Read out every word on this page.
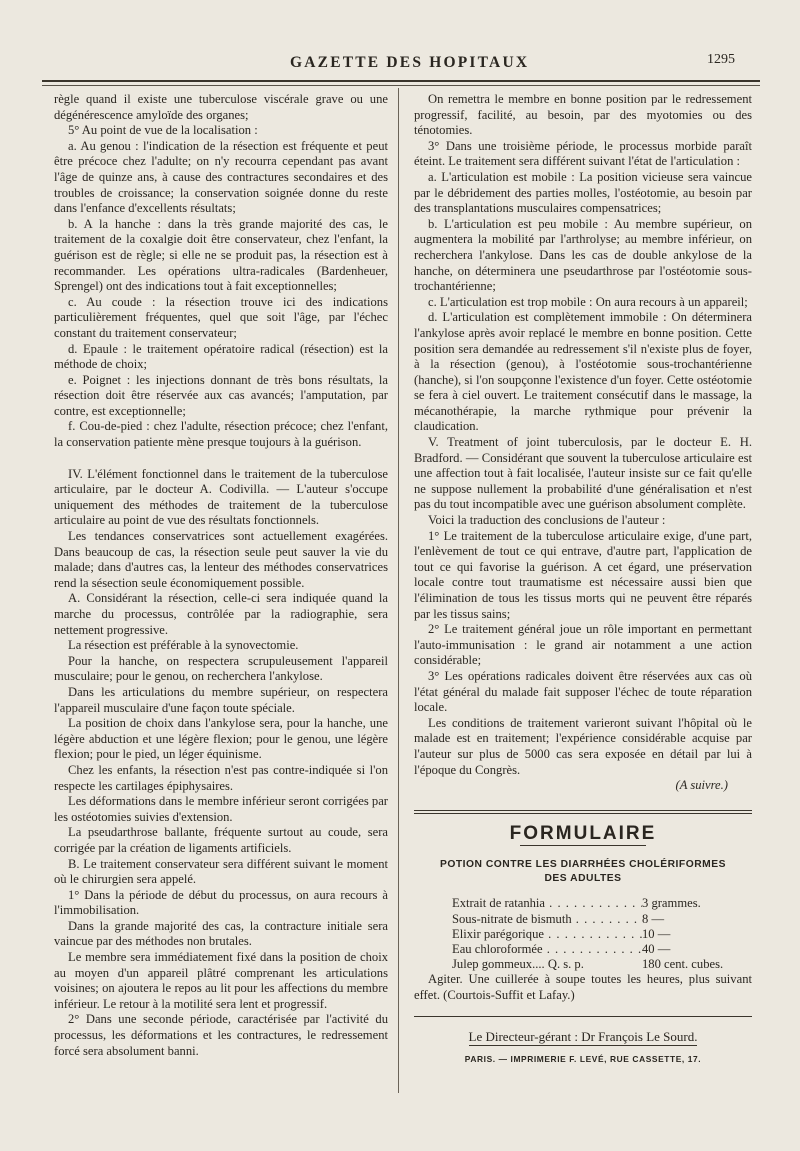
GAZETTE DES HOPITAUX	1295

règle quand il existe une tuberculose viscérale grave ou une dégénérescence amyloïde des organes;

5° Au point de vue de la localisation :

a. Au genou : l'indication de la résection est fréquente et peut être précoce chez l'adulte; on n'y recourra cependant pas avant l'âge de quinze ans, à cause des contractures secondaires et des troubles de croissance; la conservation soignée donne du reste dans l'enfance d'excellents résultats;

b. A la hanche : dans la très grande majorité des cas, le traitement de la coxalgie doit être conservateur, chez l'enfant, la guérison est de règle; si elle ne se produit pas, la résection est à recommander. Les opérations ultra-radicales (Bardenheuer, Sprengel) ont des indications tout à fait exceptionnelles;

c. Au coude : la résection trouve ici des indications particulièrement fréquentes, quel que soit l'âge, par l'échec constant du traitement conservateur;

d. Epaule : le traitement opératoire radical (résection) est la méthode de choix;

e. Poignet : les injections donnant de très bons résultats, la résection doit être réservée aux cas avancés; l'amputation, par contre, est exceptionnelle;

f. Cou-de-pied : chez l'adulte, résection précoce; chez l'enfant, la conservation patiente mène presque toujours à la guérison.

IV. L'élément fonctionnel dans le traitement de la tuberculose articulaire, par le docteur A. Codivilla. — L'auteur s'occupe uniquement des méthodes de traitement de la tuberculose articulaire au point de vue des résultats fonctionnels.

Les tendances conservatrices sont actuellement exagérées. Dans beaucoup de cas, la résection seule peut sauver la vie du malade; dans d'autres cas, la lenteur des méthodes conservatrices rend la sésection seule économiquement possible.

A. Considérant la résection, celle-ci sera indiquée quand la marche du processus, contrôlée par la radiographie, sera nettement progressive.

La résection est préférable à la synovectomie.

Pour la hanche, on respectera scrupuleusement l'appareil musculaire; pour le genou, on recherchera l'ankylose.

Dans les articulations du membre supérieur, on respectera l'appareil musculaire d'une façon toute spéciale.

La position de choix dans l'ankylose sera, pour la hanche, une légère abduction et une légère flexion; pour le genou, une légère flexion; pour le pied, un léger équinisme.

Chez les enfants, la résection n'est pas contre-indiquée si l'on respecte les cartilages épiphysaires.

Les déformations dans le membre inférieur seront corrigées par les ostéotomies suivies d'extension.

La pseudarthrose ballante, fréquente surtout au coude, sera corrigée par la création de ligaments artificiels.

B. Le traitement conservateur sera différent suivant le moment où le chirurgien sera appelé.

1° Dans la période de début du processus, on aura recours à l'immobilisation.

Dans la grande majorité des cas, la contracture initiale sera vaincue par des méthodes non brutales.

Le membre sera immédiatement fixé dans la position de choix au moyen d'un appareil plâtré comprenant les articulations voisines; on ajoutera le repos au lit pour les affections du membre inférieur. Le retour à la motilité sera lent et progressif.

2° Dans une seconde période, caractérisée par l'activité du processus, les déformations et les contractures, le redressement forcé sera absolument banni.

On remettra le membre en bonne position par le redressement progressif, facilité, au besoin, par des myotomies ou des ténotomies.

3° Dans une troisième période, le processus morbide paraît éteint. Le traitement sera différent suivant l'état de l'articulation :

a. L'articulation est mobile : La position vicieuse sera vaincue par le débridement des parties molles, l'ostéotomie, au besoin par des transplantations musculaires compensatrices;

b. L'articulation est peu mobile : Au membre supérieur, on augmentera la mobilité par l'arthrolyse; au membre inférieur, on recherchera l'ankylose. Dans les cas de double ankylose de la hanche, on déterminera une pseudarthrose par l'ostéotomie sous-trochantérienne;

c. L'articulation est trop mobile : On aura recours à un appareil;

d. L'articulation est complètement immobile : On déterminera l'ankylose après avoir replacé le membre en bonne position. Cette position sera demandée au redressement s'il n'existe plus de foyer, à la résection (genou), à l'ostéotomie sous-trochantérienne (hanche), si l'on soupçonne l'existence d'un foyer. Cette ostéotomie se fera à ciel ouvert. Le traitement consécutif dans le massage, la mécanothérapie, la marche rythmique pour prévenir la claudication.

V. Treatment of joint tuberculosis, par le docteur E. H. Bradford. — Considérant que souvent la tuberculose articulaire est une affection tout à fait localisée, l'auteur insiste sur ce fait qu'elle ne suppose nullement la probabilité d'une généralisation et n'est pas du tout incompatible avec une guérison absolument complète.

Voici la traduction des conclusions de l'auteur :

1° Le traitement de la tuberculose articulaire exige, d'une part, l'enlèvement de tout ce qui entrave, d'autre part, l'application de tout ce qui favorise la guérison. A cet égard, une préservation locale contre tout traumatisme est nécessaire aussi bien que l'élimination de tous les tissus morts qui ne peuvent être réparés par les tissus sains;

2° Le traitement général joue un rôle important en permettant l'auto-immunisation : le grand air notamment a une action considérable;

3° Les opérations radicales doivent être réservées aux cas où l'état général du malade fait supposer l'échec de toute réparation locale.

Les conditions de traitement varieront suivant l'hôpital où le malade est en traitement; l'expérience considérable acquise par l'auteur sur plus de 5000 cas sera exposée en détail par lui à l'époque du Congrès.

(A suivre.)

FORMULAIRE
POTION CONTRE LES DIARRHÉES CHOLÉRIFORMES
DES ADULTES
Extrait de ratanhia . . .	3 grammes.
Sous-nitrate de bismuth . . .	8 —
Elixir parégorique . . .	10 —
Eau chloroformée . . .	40 —
Julep gommeux.... Q. s. p.	180 cent. cubes.

Agiter. Une cuillerée à soupe toutes les heures, plus suivant effet. (Courtois-Suffit et Lafay.)

Le Directeur-gérant : Dr François Le Sourd.
PARIS. — IMPRIMERIE F. LEVÉ, RUE CASSETTE, 17.
